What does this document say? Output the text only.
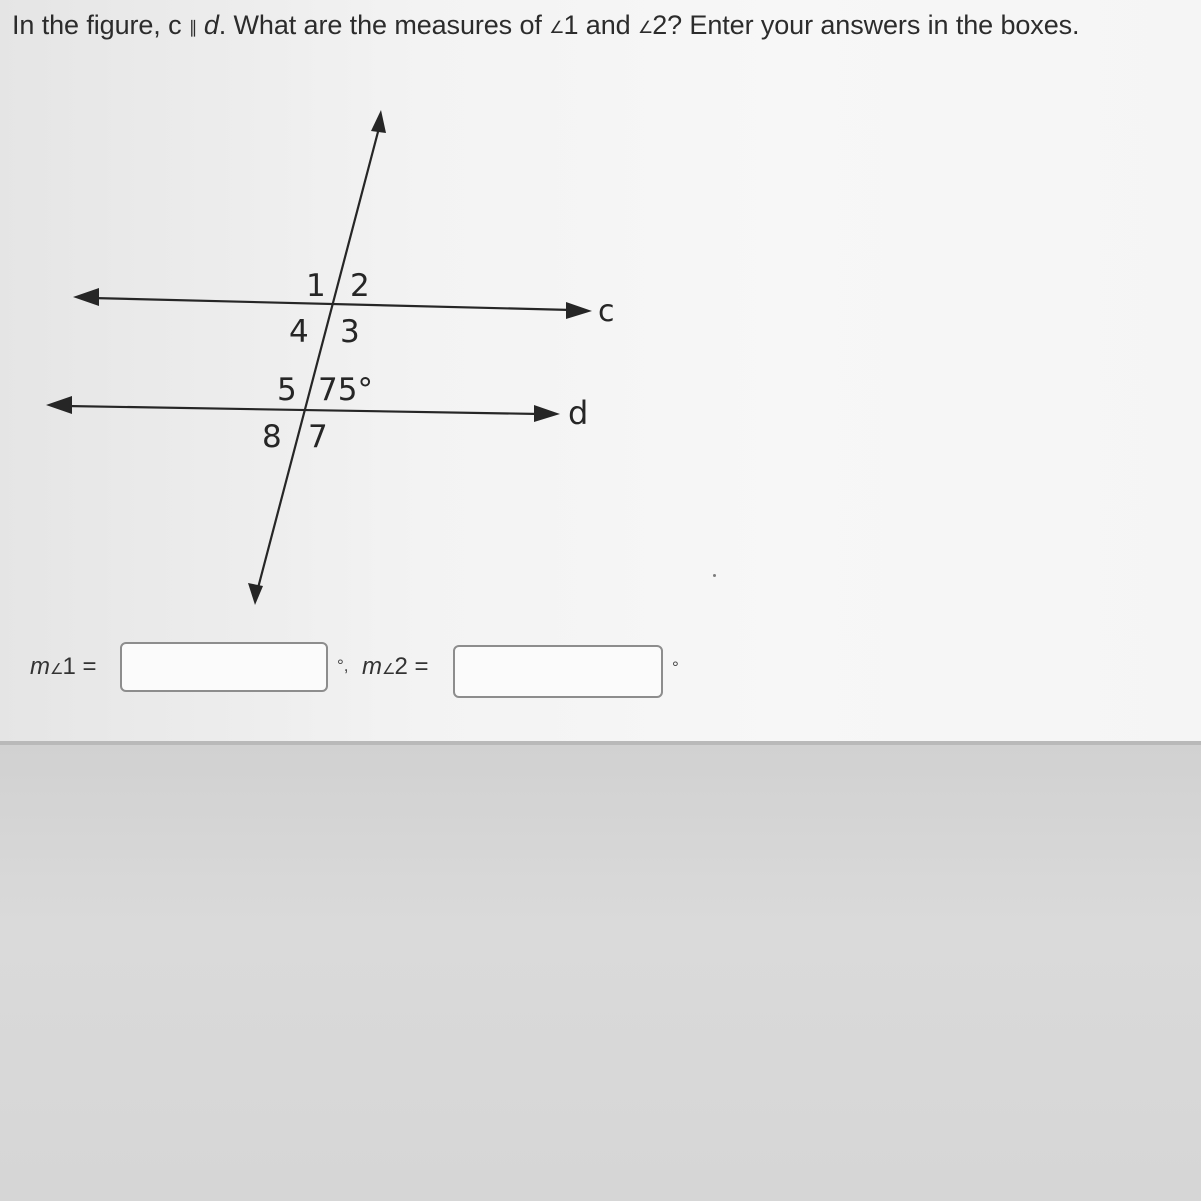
In the figure, c ∥ d. What are the measures of ∠1 and ∠2? Enter your answers in the boxes.
c
d
1 2
4 3
5 75°
8 7
m∠1 =	°, m∠2 =	°
